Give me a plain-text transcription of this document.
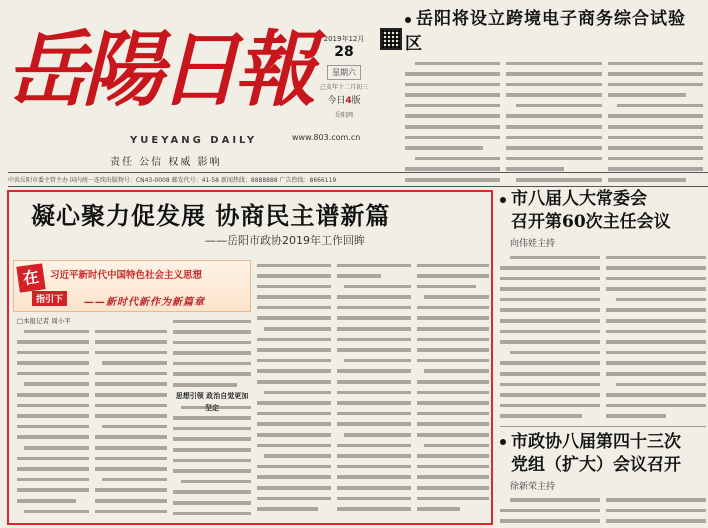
岳陽日報
YUEYANG DAILY
责任 公信 权威 影响
2019年12月
28
星期六
己亥年十二月初三
今日4版
岳阳网
www.803.com.cn
岳阳将设立跨境电子商务综合试验区
中共岳阳市委主管主办 国内统一连续出版物号：CN43-0008 邮发代号：41-58 新闻热线：8888888 广告热线：8666119
凝心聚力促发展 协商民主谱新篇
——岳阳市政协2019年工作回眸
在	习近平新时代中国特色社会主义思想
指引下	——新时代新作为新篇章
□本报记者 周小平
思想引领 政治自觉更加
市八届人大常委会
召开第60次主任会议
向伟娃主持
市政协八届第四十三次
党组（扩大）会议召开
徐新荣主持
